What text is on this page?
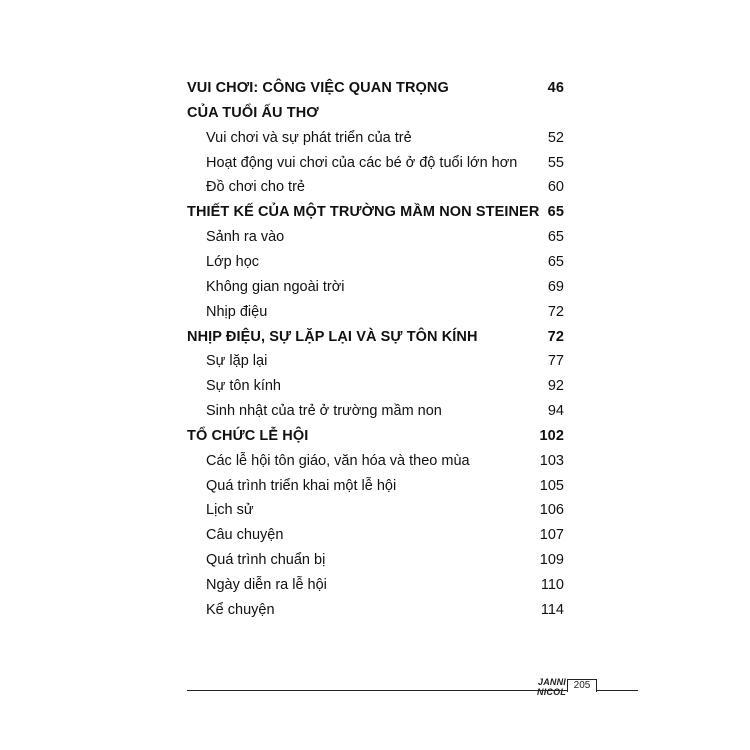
VUI CHƠI: CÔNG VIỆC QUAN TRỌNG	46
CỦA TUỔI ẤU THƠ
Vui chơi và sự phát triển của trẻ	52
Hoạt động vui chơi của các bé ở độ tuổi lớn hơn 55
Đồ chơi cho trẻ	60
THIẾT KẾ CỦA MỘT TRƯỜNG MẦM NON STEINER 65
Sảnh ra vào	65
Lớp học	65
Không gian ngoài trời	69
Nhịp điệu	72
NHỊP ĐIỆU, SỰ LẶP LẠI VÀ SỰ TÔN KÍNH	72
Sự lặp lại	77
Sự tôn kính	92
Sinh nhật của trẻ ở trường mầm non	94
TỔ CHỨC LỄ HỘI	102
Các lễ hội tôn giáo, văn hóa và theo mùa	103
Quá trình triển khai một lễ hội	105
Lịch sử	106
Câu chuyện	107
Quá trình chuẩn bị	109
Ngày diễn ra lễ hội	110
Kể chuyện	114
JANNI NICOL
205
